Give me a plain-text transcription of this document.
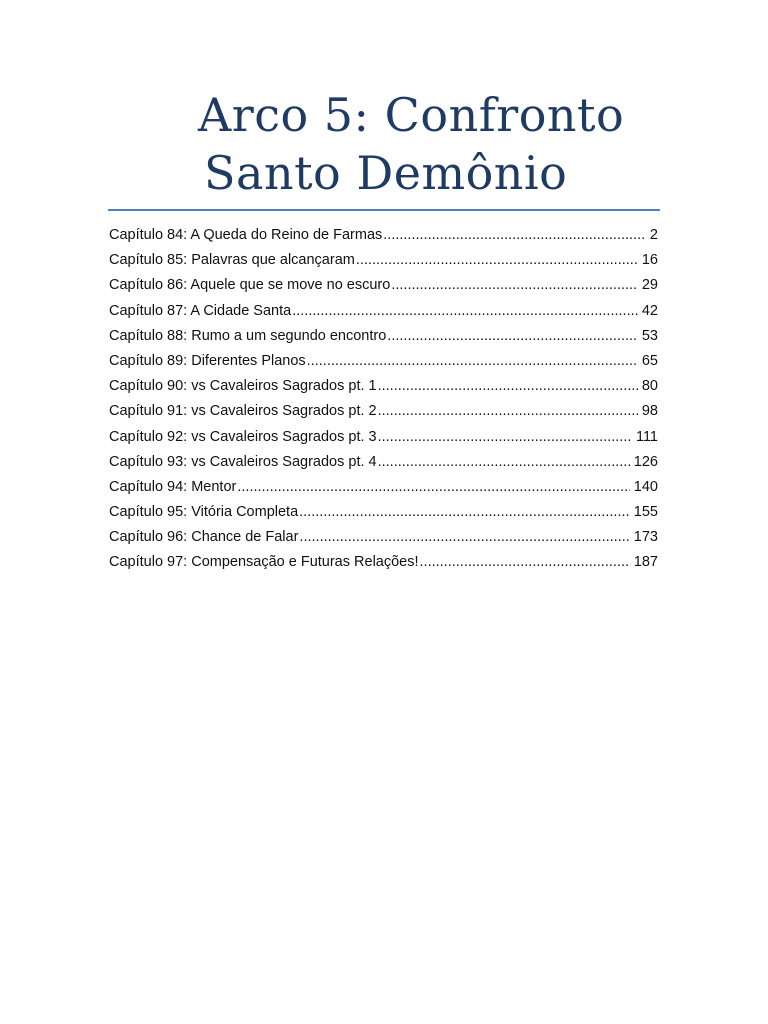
Arco 5: Confronto
Santo Demônio
Capítulo 84: A Queda do Reino de Farmas .....	2
Capítulo 85: Palavras que alcançaram .....	16
Capítulo 86: Aquele que se move no escuro .....	29
Capítulo 87: A Cidade Santa .....	42
Capítulo 88: Rumo a um segundo encontro .....	53
Capítulo 89: Diferentes Planos .....	65
Capítulo 90: vs Cavaleiros Sagrados pt. 1 .....	80
Capítulo 91: vs Cavaleiros Sagrados pt. 2 .....	98
Capítulo 92: vs Cavaleiros Sagrados pt. 3 .....	111
Capítulo 93: vs Cavaleiros Sagrados pt. 4 .....	126
Capítulo 94: Mentor .....	140
Capítulo 95: Vitória Completa .....	155
Capítulo 96: Chance de Falar .....	173
Capítulo 97: Compensação e Futuras Relações! .....	187
